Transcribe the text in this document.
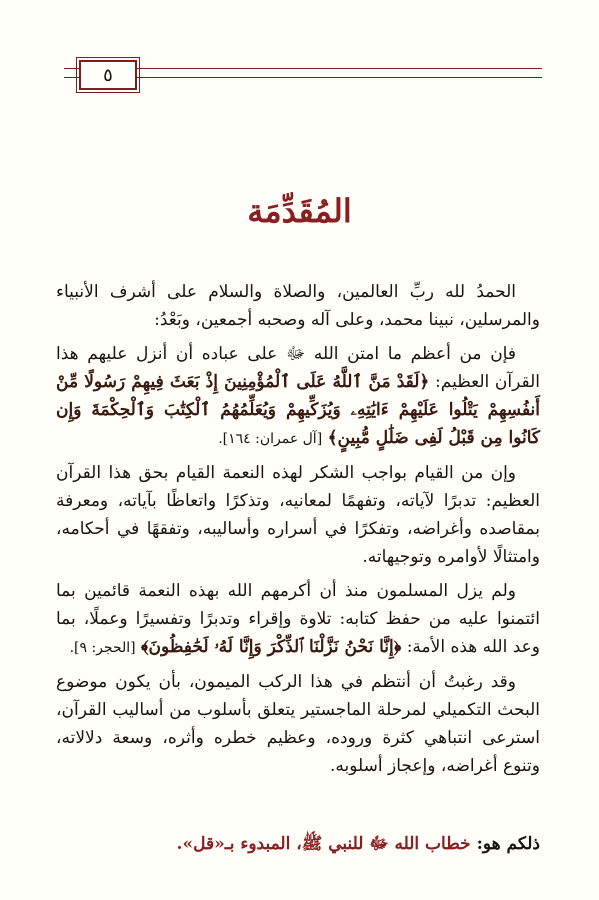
٥
المُقَدِّمَة

الحمدُ لله ربِّ العالمين، والصلاة والسلام على أشرف الأنبياء والمرسلين، نبينا محمد، وعلى آله وصحبه أجمعين، وبَعْدُ:

فإن من أعظم ما امتن الله ﷻ على عباده أن أنزل عليهم هذا القرآن العظيم: ﴿لَقَدْ مَنَّ ٱللَّهُ عَلَى ٱلْمُؤْمِنِينَ إِذْ بَعَثَ فِيهِمْ رَسُولًا مِّنْ أَنفُسِهِمْ يَتْلُوا عَلَيْهِمْ ءَايَٰتِهِۦ وَيُزَكِّيهِمْ وَيُعَلِّمُهُمُ ٱلْكِتَٰبَ وَٱلْحِكْمَةَ وَإِن كَانُوا مِن قَبْلُ لَفِى ضَلَٰلٍ مُّبِينٍ﴾ [آل عمران: ١٦٤].

وإن من القيام بواجب الشكر لهذه النعمة القيام بحق هذا القرآن العظيم: تدبرًا لآياته، وتفهمًا لمعانيه، وتذكرًا واتعاظًا بآياته، ومعرفة بمقاصده وأغراضه، وتفكرًا في أسراره وأساليبه، وتفقهًا في أحكامه، وامتثالًا لأوامره وتوجيهاته.

ولم يزل المسلمون منذ أن أكرمهم الله بهذه النعمة قائمين بما ائتمنوا عليه من حفظ كتابه: تلاوة وإقراء وتدبرًا وتفسيرًا وعملًا، بما وعد الله هذه الأمة: ﴿إِنَّا نَحْنُ نَزَّلْنَا ٱلذِّكْرَ وَإِنَّا لَهُۥ لَحَٰفِظُونَ﴾ [الحجر: ٩].

وقد رغبتُ أن أنتظم في هذا الركب الميمون، بأن يكون موضوع البحث التكميلي لمرحلة الماجستير يتعلق بأسلوب من أساليب القرآن، استرعى انتباهي كثرة وروده، وعظيم خطره وأثره، وسعة دلالاته، وتنوع أغراضه، وإعجاز أسلوبه.

ذلكم هو: خطاب الله ﷻ للنبي ﷺ، المبدوء بـ«قل».
